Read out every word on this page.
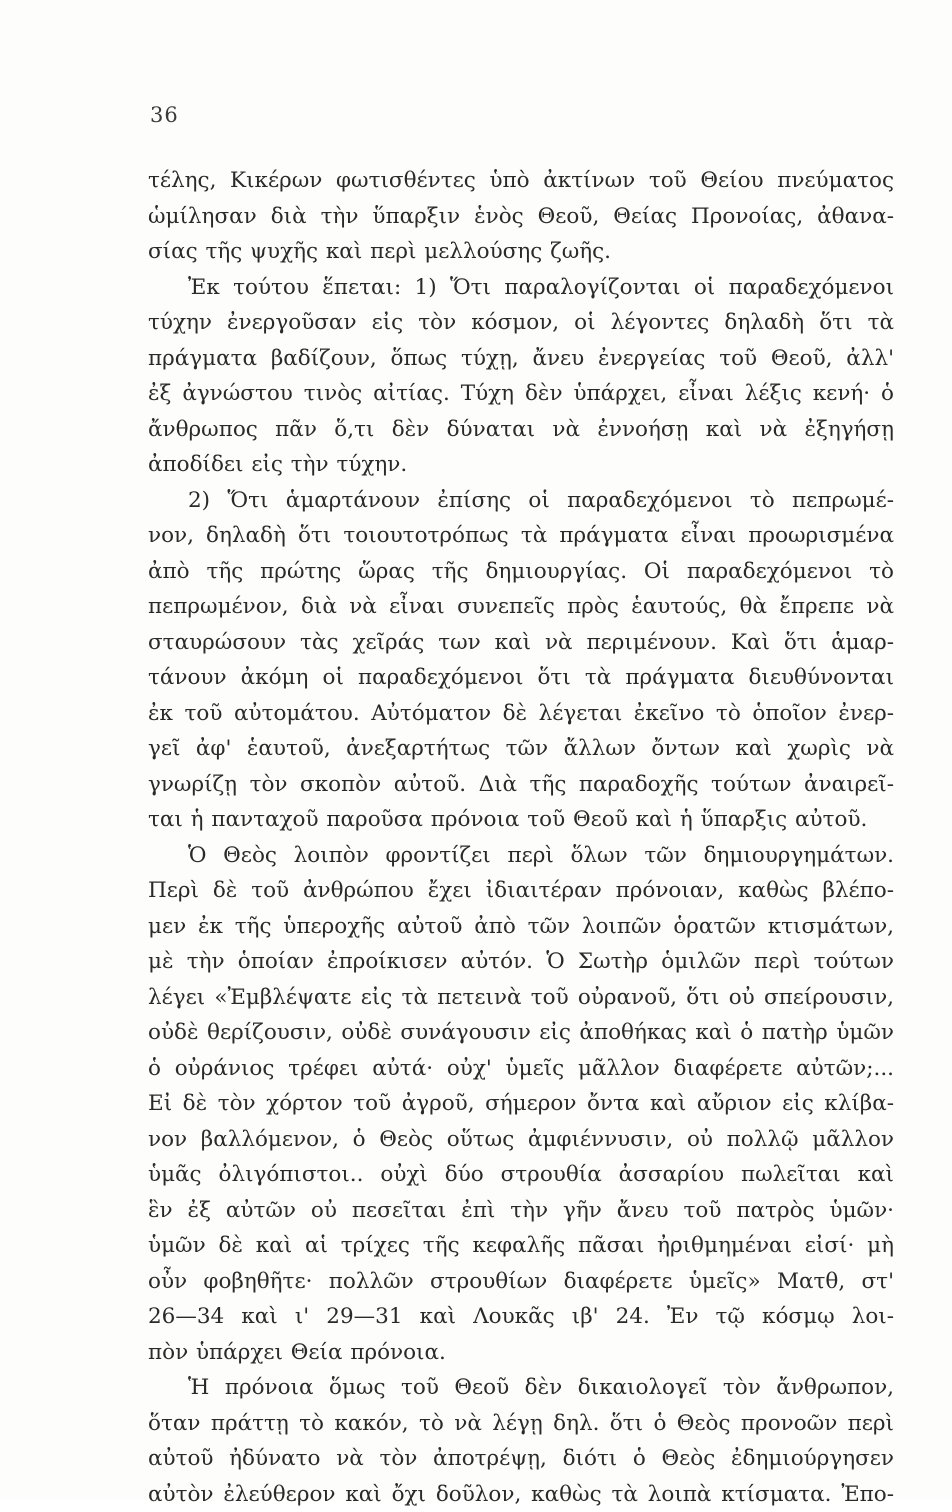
36
τέλης, Κικέρων φωτισθέντες ὑπὸ ἀκτίνων τοῦ Θείου πνεύματος
ὡμίλησαν διὰ τὴν ὕπαρξιν ἑνὸς Θεοῦ, Θείας Προνοίας, ἀθανα-
σίας τῆς ψυχῆς καὶ περὶ μελλούσης ζωῆς.
Ἐκ τούτου ἕπεται: 1) Ὅτι παραλογίζονται οἱ παραδεχόμενοι
τύχην ἐνεργοῦσαν εἰς τὸν κόσμον, οἱ λέγοντες δηλαδὴ ὅτι τὰ
πράγματα βαδίζουν, ὅπως τύχῃ, ἄνευ ἐνεργείας τοῦ Θεοῦ, ἀλλ'
ἐξ ἀγνώστου τινὸς αἰτίας. Τύχη δὲν ὑπάρχει, εἶναι λέξις κενή· ὁ
ἄνθρωπος πᾶν ὅ,τι δὲν δύναται νὰ ἐννοήσῃ καὶ νὰ ἐξηγήσῃ
ἀποδίδει εἰς τὴν τύχην.
2) Ὅτι ἁμαρτάνουν ἐπίσης οἱ παραδεχόμενοι τὸ πεπρωμέ-
νον, δηλαδὴ ὅτι τοιουτοτρόπως τὰ πράγματα εἶναι προωρισμένα
ἀπὸ τῆς πρώτης ὥρας τῆς δημιουργίας. Οἱ παραδεχόμενοι τὸ
πεπρωμένον, διὰ νὰ εἶναι συνεπεῖς πρὸς ἑαυτούς, θὰ ἔπρεπε νὰ
σταυρώσουν τὰς χεῖράς των καὶ νὰ περιμένουν. Καὶ ὅτι ἁμαρ-
τάνουν ἀκόμη οἱ παραδεχόμενοι ὅτι τὰ πράγματα διευθύνονται
ἐκ τοῦ αὐτομάτου. Αὐτόματον δὲ λέγεται ἐκεῖνο τὸ ὁποῖον ἐνερ-
γεῖ ἀφ' ἑαυτοῦ, ἀνεξαρτήτως τῶν ἄλλων ὄντων καὶ χωρὶς νὰ
γνωρίζῃ τὸν σκοπὸν αὐτοῦ. Διὰ τῆς παραδοχῆς τούτων ἀναιρεῖ-
ται ἡ πανταχοῦ παροῦσα πρόνοια τοῦ Θεοῦ καὶ ἡ ὕπαρξις αὐτοῦ.
Ὁ Θεὸς λοιπὸν φροντίζει περὶ ὅλων τῶν δημιουργημάτων.
Περὶ δὲ τοῦ ἀνθρώπου ἔχει ἰδιαιτέραν πρόνοιαν, καθὼς βλέπο-
μεν ἐκ τῆς ὑπεροχῆς αὐτοῦ ἀπὸ τῶν λοιπῶν ὁρατῶν κτισμάτων,
μὲ τὴν ὁποίαν ἐπροίκισεν αὐτόν. Ὁ Σωτὴρ ὁμιλῶν περὶ τούτων
λέγει «Ἐμβλέψατε εἰς τὰ πετεινὰ τοῦ οὐρανοῦ, ὅτι οὐ σπείρουσιν,
οὐδὲ θερίζουσιν, οὐδὲ συνάγουσιν εἰς ἀποθήκας καὶ ὁ πατὴρ ὑμῶν
ὁ οὐράνιος τρέφει αὐτά· οὐχ' ὑμεῖς μᾶλλον διαφέρετε αὐτῶν;...
Εἰ δὲ τὸν χόρτον τοῦ ἀγροῦ, σήμερον ὄντα καὶ αὔριον εἰς κλίβα-
νον βαλλόμενον, ὁ Θεὸς οὕτως ἀμφιέννυσιν, οὐ πολλῷ μᾶλλον
ὑμᾶς ὀλιγόπιστοι.. οὐχὶ δύο στρουθία ἀσσαρίου πωλεῖται καὶ
ἓν ἐξ αὐτῶν οὐ πεσεῖται ἐπὶ τὴν γῆν ἄνευ τοῦ πατρὸς ὑμῶν·
ὑμῶν δὲ καὶ αἱ τρίχες τῆς κεφαλῆς πᾶσαι ἠριθμημέναι εἰσί· μὴ
οὖν φοβηθῆτε· πολλῶν στρουθίων διαφέρετε ὑμεῖς» Ματθ, στ'
26—34 καὶ ι' 29—31 καὶ Λουκᾶς ιβ' 24. Ἐν τῷ κόσμῳ λοι-
πὸν ὑπάρχει Θεία πρόνοια.
Ἡ πρόνοια ὅμως τοῦ Θεοῦ δὲν δικαιολογεῖ τὸν ἄνθρωπον,
ὅταν πράττῃ τὸ κακόν, τὸ νὰ λέγῃ δηλ. ὅτι ὁ Θεὸς προνοῶν περὶ
αὐτοῦ ἠδύνατο νὰ τὸν ἀποτρέψῃ, διότι ὁ Θεὸς ἐδημιούργησεν
αὐτὸν ἐλεύθερον καὶ ὄχι δοῦλον, καθὼς τὰ λοιπὰ κτίσματα. Ἐπο-
